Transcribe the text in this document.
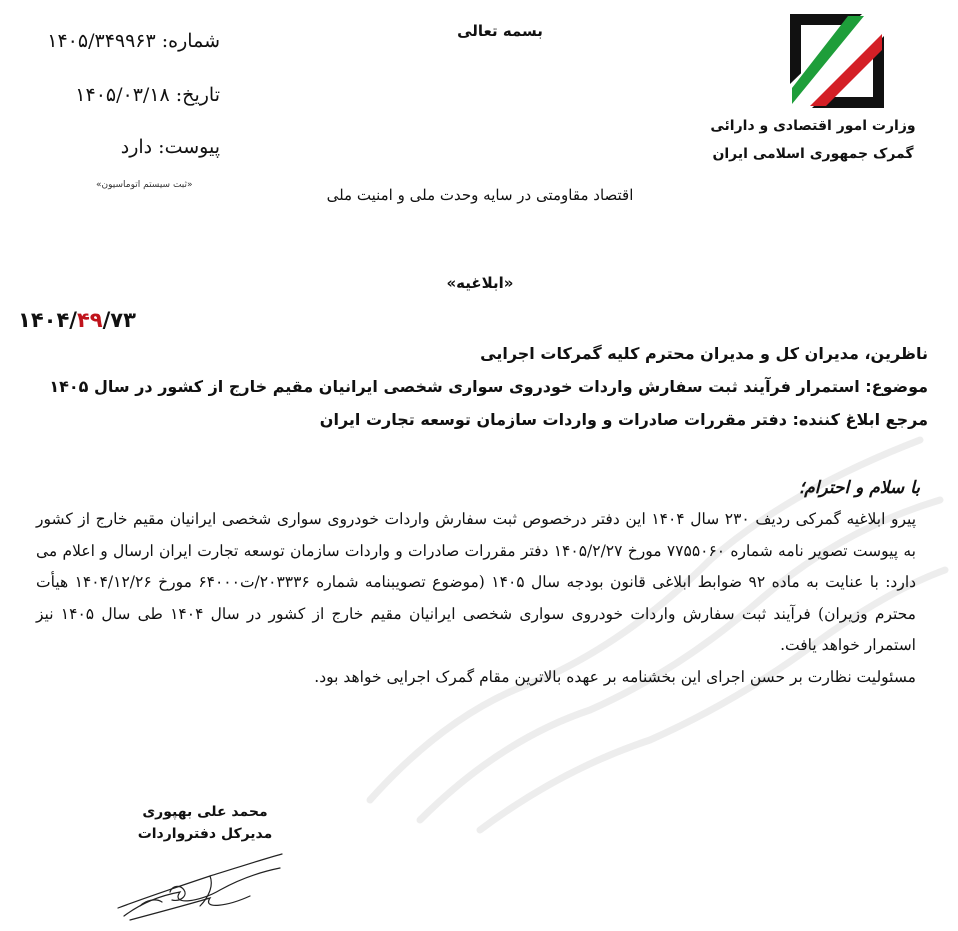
شماره: ۱۴۰۵/۳۴۹۹۶۳
تاریخ: ۱۴۰۵/۰۳/۱۸
پیوست: دارد
«ثبت سیستم اتوماسیون»
بسمه تعالی
اقتصاد مقاومتی در سایه وحدت ملی و امنیت ملی
وزارت امور اقتصادی و دارائی
گمرک جمهوری اسلامی ایران
«ابلاغیه»
۱۴۰۴/۴۹/۷۳
ناظرین، مدیران کل و مدیران محترم کلیه گمرکات اجرایی
موضوع: استمرار فرآیند ثبت سفارش واردات خودروی سواری شخصی ایرانیان مقیم خارج از کشور در سال ۱۴۰۵
مرجع ابلاغ کننده: دفتر مقررات صادرات و واردات سازمان توسعه تجارت ایران
با سلام و احترام؛

پیرو ابلاغیه گمرکی ردیف ۲۳۰ سال ۱۴۰۴ این دفتر درخصوص ثبت سفارش واردات خودروی سواری شخصی ایرانیان مقیم خارج از کشور به پیوست تصویر نامه شماره ۷۷۵۵۰۶۰ مورخ ۱۴۰۵/۲/۲۷ دفتر مقررات صادرات و واردات سازمان توسعه تجارت ایران ارسال و اعلام می دارد: با عنایت به ماده ۹۲ ضوابط ابلاغی قانون بودجه سال ۱۴۰۵ (موضوع تصویبنامه شماره ۲۰۳۳۳۶/ت۶۴۰۰۰ مورخ ۱۴۰۴/۱۲/۲۶ هیأت محترم وزیران) فرآیند ثبت سفارش واردات خودروی سواری شخصی ایرانیان مقیم خارج از کشور در سال ۱۴۰۴ طی سال ۱۴۰۵ نیز استمرار خواهد یافت.

مسئولیت نظارت بر حسن اجرای این بخشنامه بر عهده بالاترین مقام گمرک اجرایی خواهد بود.

محمد علی بهپوری
مدیرکل دفترواردات
